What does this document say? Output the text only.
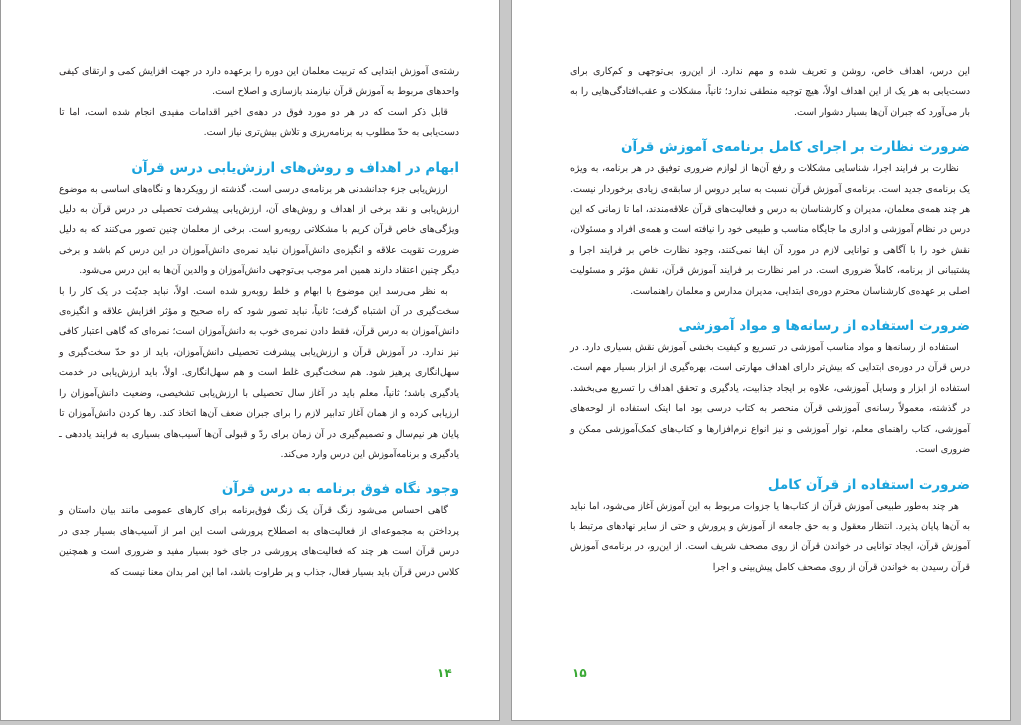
رشته‌ی آموزش ابتدایی که تربیت معلمان این دوره را برعهده دارد در جهت افزایش کمی و ارتقای کیفی واحدهای مربوط به آموزش قرآن نیازمند بازسازی و اصلاح است.

قابل ذکر است که در هر دو مورد فوق در دهه‌ی اخیر اقدامات مفیدی انجام شده است، اما تا دست‌یابی به حدّ مطلوب به برنامه‌ریزی و تلاش بیش‌تری نیاز است.

ابهام در اهداف و روش‌های ارزش‌یابی درس قرآن

ارزش‌یابی جزء جدانشدنی هر برنامه‌ی درسی است. گذشته از رویکردها و نگاه‌های اساسی به موضوع ارزش‌یابی و نقد برخی از اهداف و روش‌های آن، ارزش‌یابی پیشرفت تحصیلی در درس قرآن به دلیل ویژگی‌های خاص قرآن کریم با مشکلاتی روبه‌رو است. برخی از معلمان چنین تصور می‌کنند که به دلیل ضرورت تقویت علاقه و انگیزه‌ی دانش‌آموزان نباید نمره‌ی دانش‌آموزان در این درس کم باشد و برخی دیگر چنین اعتقاد دارند همین امر موجب بی‌توجهی دانش‌آموزان و والدین آن‌ها به این درس می‌شود.

به نظر می‌رسد این موضوع با ابهام و خلط روبه‌رو شده است. اولاً، نباید جدیّت در یک کار را با سخت‌گیری در آن اشتباه گرفت؛ ثانیاً، نباید تصور شود که راه صحیح و مؤثر افزایش علاقه و انگیزه‌ی دانش‌آموزان به درس قرآن، فقط دادن نمره‌ی خوب به دانش‌آموزان است؛ نمره‌ای که گاهی اعتبار کافی نیز ندارد. در آموزش قرآن و ارزش‌یابی پیشرفت تحصیلی دانش‌آموزان، باید از دو حدّ سخت‌گیری و سهل‌انگاری پرهیز شود. هم سخت‌گیری غلط است و هم سهل‌انگاری. اولاً، باید ارزش‌یابی در خدمت یادگیری باشد؛ ثانیاً، معلم باید در آغاز سال تحصیلی با ارزش‌یابی تشخیصی، وضعیت دانش‌آموزان را ارزیابی کرده و از همان آغاز تدابیر لازم را برای جبران ضعف آن‌ها اتخاذ کند. رها کردن دانش‌آموزان تا پایان هر نیم‌سال و تصمیم‌گیری در آن زمان برای ردّ و قبولی آن‌ها آسیب‌های بسیاری به فرایند یاددهی ـ یادگیری و برنامه‌آموزش این درس وارد می‌کند.

وجود نگاه فوق برنامه به درس قرآن

گاهی احساس می‌شود زنگ قرآن یک زنگ فوق‌برنامه برای کارهای عمومی مانند بیان داستان و پرداختن به مجموعه‌ای از فعالیت‌های به اصطلاح پرورشی است این امر از آسیب‌های بسیار جدی در درس قرآن است هر چند که فعالیت‌های پرورشی در جای خود بسیار مفید و ضروری است و همچنین کلاس درس قرآن باید بسیار فعال، جذاب و پر طراوت باشد، اما این امر بدان معنا نیست که

۱۴

این درس، اهداف خاص، روشن و تعریف شده و مهم ندارد. از این‌رو، بی‌توجهی و کم‌کاری برای دست‌یابی به هر یک از این اهداف اولاً، هیچ توجیه منطقی ندارد؛ ثانیاً، مشکلات و عقب‌افتادگی‌هایی را به بار می‌آورد که جبران آن‌ها بسیار دشوار است.

ضرورت نظارت بر اجرای کامل برنامه‌ی آموزش قرآن

نظارت بر فرایند اجرا، شناسایی مشکلات و رفع آن‌ها از لوازم ضروری توفیق در هر برنامه، به ویژه یک برنامه‌ی جدید است. برنامه‌ی آموزش قرآن نسبت به سایر دروس از سابقه‌ی زیادی برخوردار نیست. هر چند همه‌ی معلمان، مدیران و کارشناسان به درس و فعالیت‌های قرآن علاقه‌مندند، اما تا زمانی که این درس در نظام آموزشی و اداری ما جایگاه مناسب و طبیعی خود را نیافته است و همه‌ی افراد و مسئولان، نقش خود را با آگاهی و توانایی لازم در مورد آن ایفا نمی‌کنند، وجود نظارت خاص بر فرایند اجرا و پشتیبانی از برنامه، کاملاً ضروری است. در امر نظارت بر فرایند آموزش قرآن، نقش مؤثر و مسئولیت اصلی بر عهده‌ی کارشناسان محترم دوره‌ی ابتدایی، مدیران مدارس و معلمان راهنماست.

ضرورت استفاده از رسانه‌ها و مواد آموزشی

استفاده از رسانه‌ها و مواد مناسب آموزشی در تسریع و کیفیت بخشی آموزش نقش بسیاری دارد. در درس قرآن در دوره‌ی ابتدایی که بیش‌تر دارای اهداف مهارتی است، بهره‌گیری از ابزار بسیار مهم است. استفاده از ابزار و وسایل آموزشی، علاوه بر ایجاد جذابیت، یادگیری و تحقق اهداف را تسریع می‌بخشد. در گذشته، معمولاً رسانه‌ی آموزشی قرآن منحصر به کتاب درسی بود اما اینک استفاده از لوحه‌های آموزشی، کتاب راهنمای معلم، نوار آموزشی و نیز انواع نرم‌افزارها و کتاب‌های کمک‌آموزشی ممکن و ضروری است.

ضرورت استفاده از قرآن کامل

هر چند به‌طور طبیعی آموزش قرآن از کتاب‌ها یا جزوات مربوط به این آموزش آغاز می‌شود، اما نباید به آن‌ها پایان پذیرد. انتظار معقول و به حق جامعه از آموزش و پرورش و حتی از سایر نهادهای مرتبط با آموزش قرآن، ایجاد توانایی در خواندن قرآن از روی مصحف شریف است. از این‌رو، در برنامه‌ی آموزش قرآن رسیدن به خواندن قرآن از روی مصحف کامل پیش‌بینی و اجرا

۱۵
